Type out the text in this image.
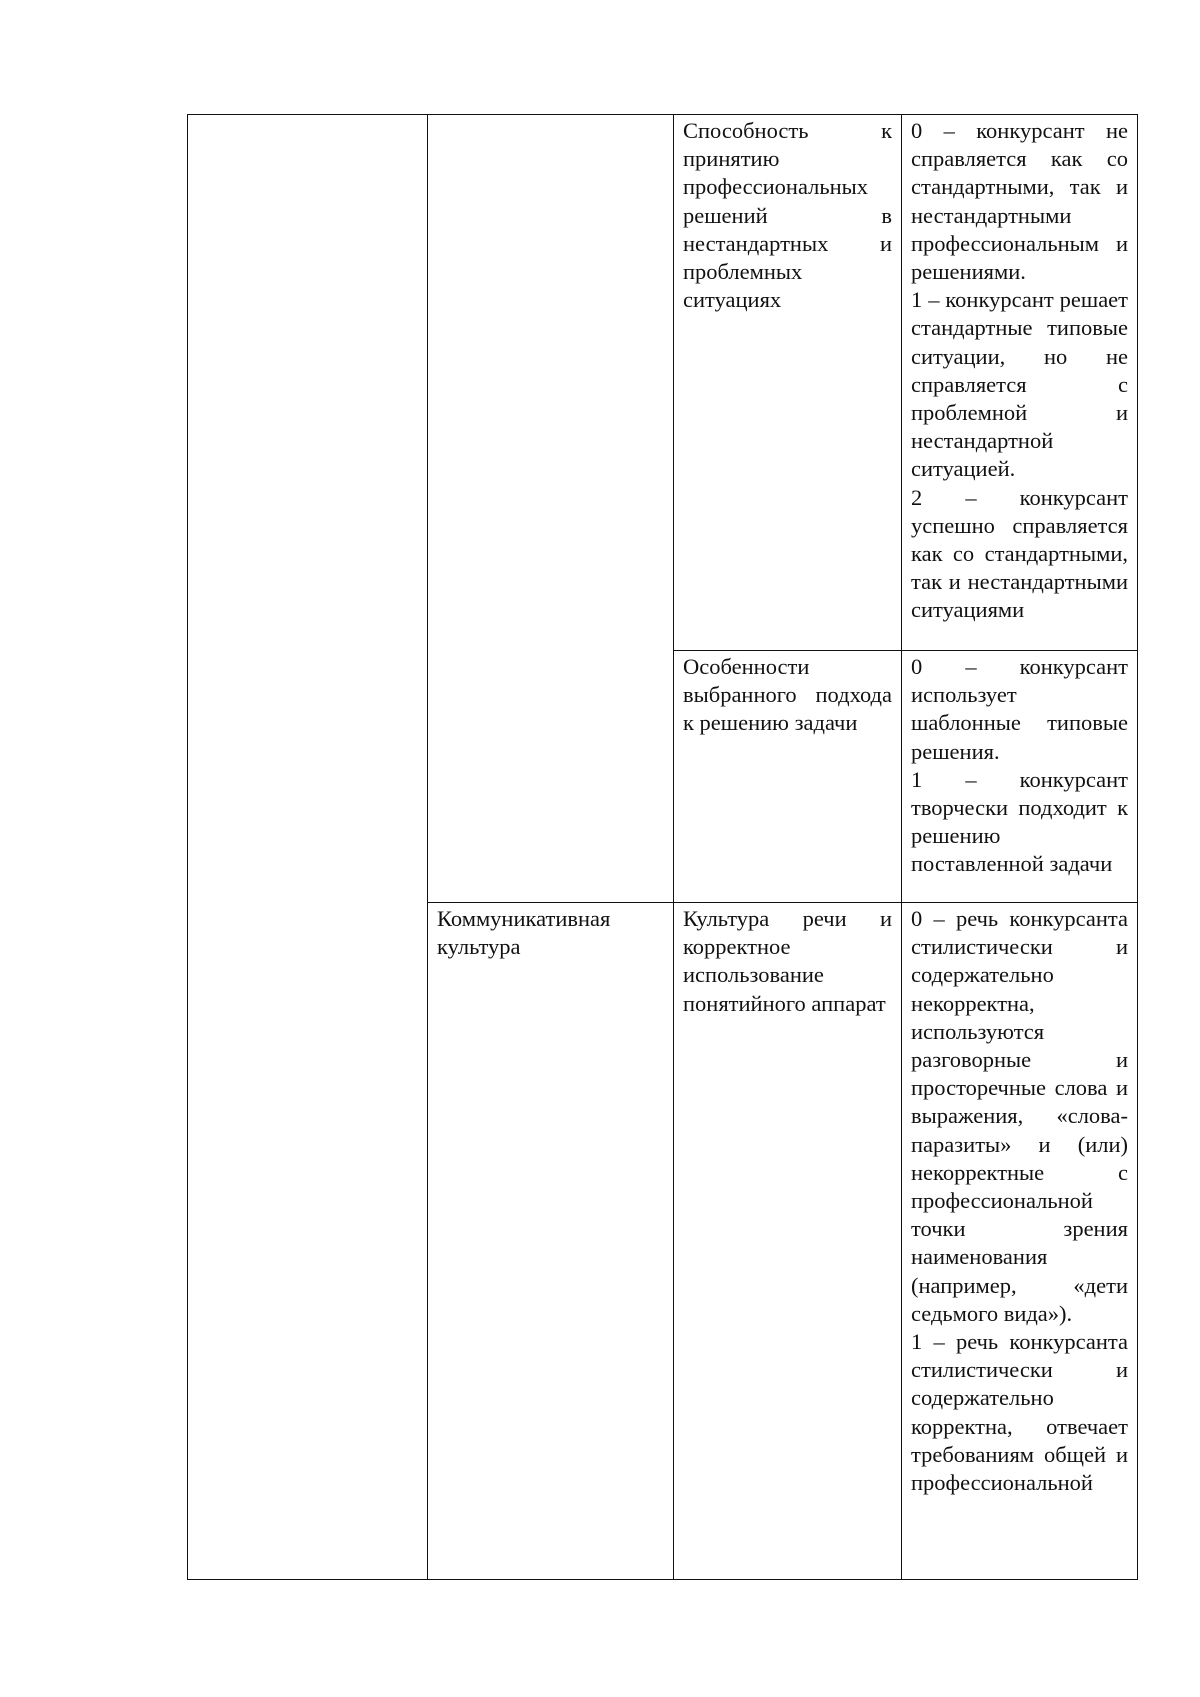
		Способность к принятию профессиональных решений в нестандартных и проблемных ситуациях	0 – конкурсант не справляется как со стандартными, так и нестандартными профессиональным и решениями.
1 – конкурсант решает стандартные типовые ситуации, но не справляется с проблемной и нестандартной ситуацией.
2 – конкурсант успешно справляется как со стандартными, так и нестандартными ситуациями

		Особенности выбранного подхода к решению задачи	0 – конкурсант использует шаблонные типовые решения.
1 – конкурсант творчески подходит к решению поставленной задачи

	Коммуникативная культура	Культура речи и корректное использование понятийного аппарат	0 – речь конкурсанта стилистически и содержательно некорректна, используются разговорные и просторечные слова и выражения, «слова-паразиты» и (или) некорректные с профессиональной точки зрения наименования (например, «дети седьмого вида»).
1 – речь конкурсанта стилистически и содержательно корректна, отвечает требованиям общей и профессиональной
